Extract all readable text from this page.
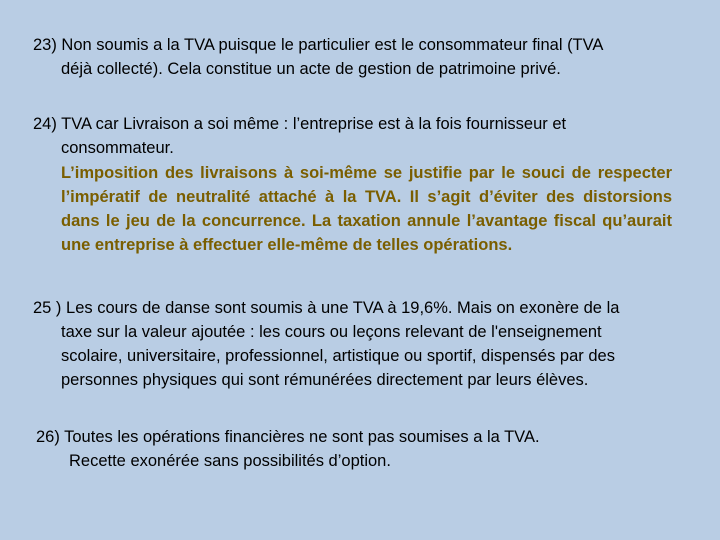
23) Non soumis a la TVA puisque le particulier est le consommateur final (TVA
déjà collecté). Cela constitue un acte de gestion de patrimoine privé.

24) TVA car Livraison a soi même : l’entreprise est à la fois fournisseur et
consommateur.

L’imposition des livraisons à soi-même se justifie par le souci de respecter l’impératif de neutralité attaché à la TVA. Il s’agit d’éviter des distorsions dans le jeu de la concurrence. La taxation annule l’avantage fiscal qu’aurait une entreprise à effectuer elle-même de telles opérations.

25 ) Les cours de danse sont soumis à une TVA à 19,6%. Mais on exonère de la
taxe sur la valeur ajoutée : les cours ou leçons relevant de l'enseignement
scolaire, universitaire, professionnel, artistique ou sportif, dispensés par des
personnes physiques qui sont rémunérées directement par leurs élèves.

26) Toutes les opérations financières ne sont pas soumises a la TVA.
Recette exonérée sans possibilités d’option.
